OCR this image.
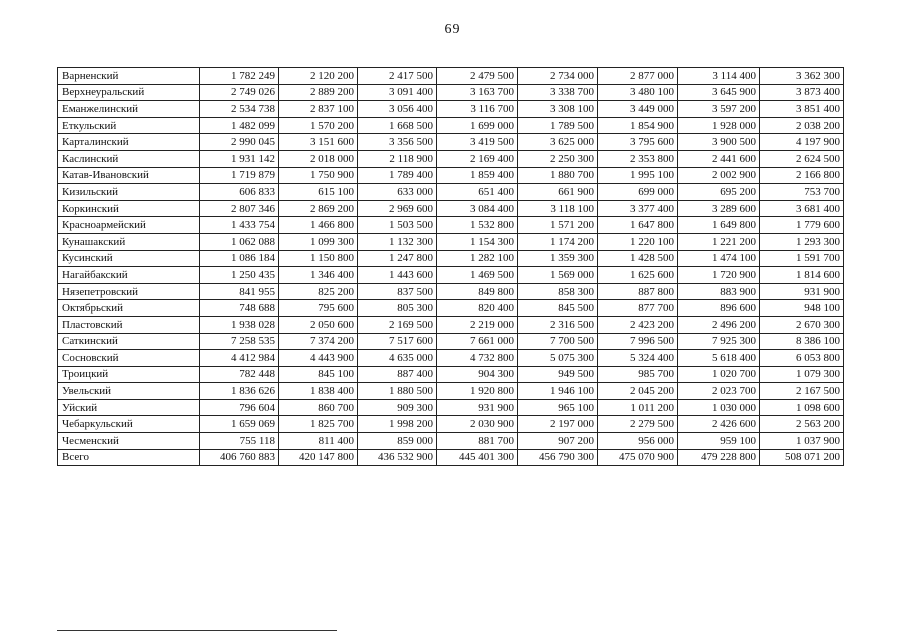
69
Варненский	1 782 249	2 120 200	2 417 500	2 479 500	2 734 000	2 877 000	3 114 400	3 362 300
Верхнеуральский	2 749 026	2 889 200	3 091 400	3 163 700	3 338 700	3 480 100	3 645 900	3 873 400
Еманжелинский	2 534 738	2 837 100	3 056 400	3 116 700	3 308 100	3 449 000	3 597 200	3 851 400
Еткульский	1 482 099	1 570 200	1 668 500	1 699 000	1 789 500	1 854 900	1 928 000	2 038 200
Карталинский	2 990 045	3 151 600	3 356 500	3 419 500	3 625 000	3 795 600	3 900 500	4 197 900
Каслинский	1 931 142	2 018 000	2 118 900	2 169 400	2 250 300	2 353 800	2 441 600	2 624 500
Катав-Ивановский	1 719 879	1 750 900	1 789 400	1 859 400	1 880 700	1 995 100	2 002 900	2 166 800
Кизильский	606 833	615 100	633 000	651 400	661 900	699 000	695 200	753 700
Коркинский	2 807 346	2 869 200	2 969 600	3 084 400	3 118 100	3 377 400	3 289 600	3 681 400
Красноармейский	1 433 754	1 466 800	1 503 500	1 532 800	1 571 200	1 647 800	1 649 800	1 779 600
Кунашакский	1 062 088	1 099 300	1 132 300	1 154 300	1 174 200	1 220 100	1 221 200	1 293 300
Кусинский	1 086 184	1 150 800	1 247 800	1 282 100	1 359 300	1 428 500	1 474 100	1 591 700
Нагайбакский	1 250 435	1 346 400	1 443 600	1 469 500	1 569 000	1 625 600	1 720 900	1 814 600
Нязепетровский	841 955	825 200	837 500	849 800	858 300	887 800	883 900	931 900
Октябрьский	748 688	795 600	805 300	820 400	845 500	877 700	896 600	948 100
Пластовский	1 938 028	2 050 600	2 169 500	2 219 000	2 316 500	2 423 200	2 496 200	2 670 300
Саткинский	7 258 535	7 374 200	7 517 600	7 661 000	7 700 500	7 996 500	7 925 300	8 386 100
Сосновский	4 412 984	4 443 900	4 635 000	4 732 800	5 075 300	5 324 400	5 618 400	6 053 800
Троицкий	782 448	845 100	887 400	904 300	949 500	985 700	1 020 700	1 079 300
Увельский	1 836 626	1 838 400	1 880 500	1 920 800	1 946 100	2 045 200	2 023 700	2 167 500
Уйский	796 604	860 700	909 300	931 900	965 100	1 011 200	1 030 000	1 098 600
Чебаркульский	1 659 069	1 825 700	1 998 200	2 030 900	2 197 000	2 279 500	2 426 600	2 563 200
Чесменский	755 118	811 400	859 000	881 700	907 200	956 000	959 100	1 037 900
Всего	406 760 883	420 147 800	436 532 900	445 401 300	456 790 300	475 070 900	479 228 800	508 071 200
